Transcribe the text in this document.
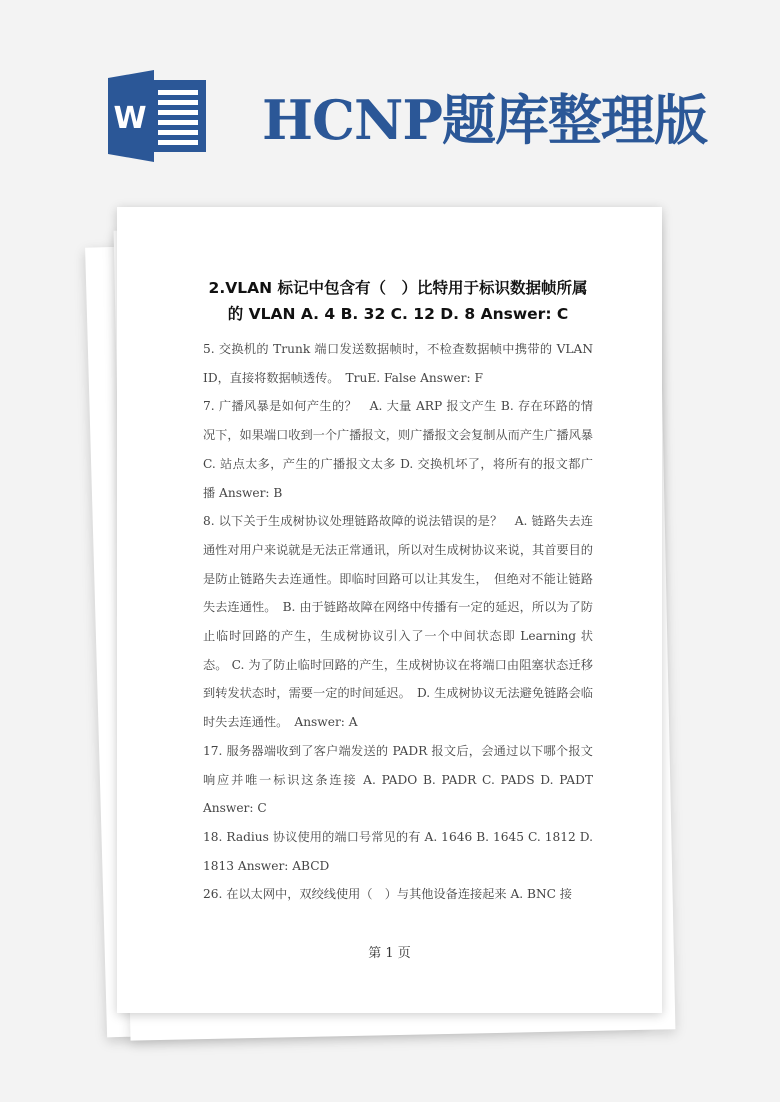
W HCNP题库整理版
2.VLAN 标记中包含有（　）比特用于标识数据帧所属的 VLAN A. 4 B. 32 C. 12 D. 8 Answer: C

5. 交换机的 Trunk 端口发送数据帧时，不检查数据帧中携带的 VLAN ID，直接将数据帧透传。　TruE. False Answer: F

7. 广播风暴是如何产生的？　A. 大量 ARP 报文产生 B. 存在环路的情况下，如果端口收到一个广播报文，则广播报文会复制从而产生广播风暴 C. 站点太多，产生的广播报文太多 D. 交换机坏了，将所有的报文都广播 Answer: B

8. 以下关于生成树协议处理链路故障的说法错误的是？　A. 链路失去连通性对用户来说就是无法正常通讯，所以对生成树协议来说，其首要目的是防止链路失去连通性。即临时回路可以让其发生，　但绝对不能让链路失去连通性。　B. 由于链路故障在网络中传播有一定的延迟，所以为了防止临时回路的产生，生成树协议引入了一个中间状态即 Learning 状态。 C. 为了防止临时回路的产生，生成树协议在将端口由阻塞状态迁移到转发状态时，需要一定的时间延迟。　D. 生成树协议无法避免链路会临时失去连通性。　Answer: A

17. 服务器端收到了客户端发送的 PADR 报文后，会通过以下哪个报文响应并唯一标识这条连接 A. PADO B. PADR C. PADS D. PADT Answer: C

18. Radius 协议使用的端口号常见的有 A. 1646 B. 1645 C. 1812 D. 1813 Answer: ABCD

26. 在以太网中，双绞线使用（　）与其他设备连接起来 A. BNC 接

第 1 页
